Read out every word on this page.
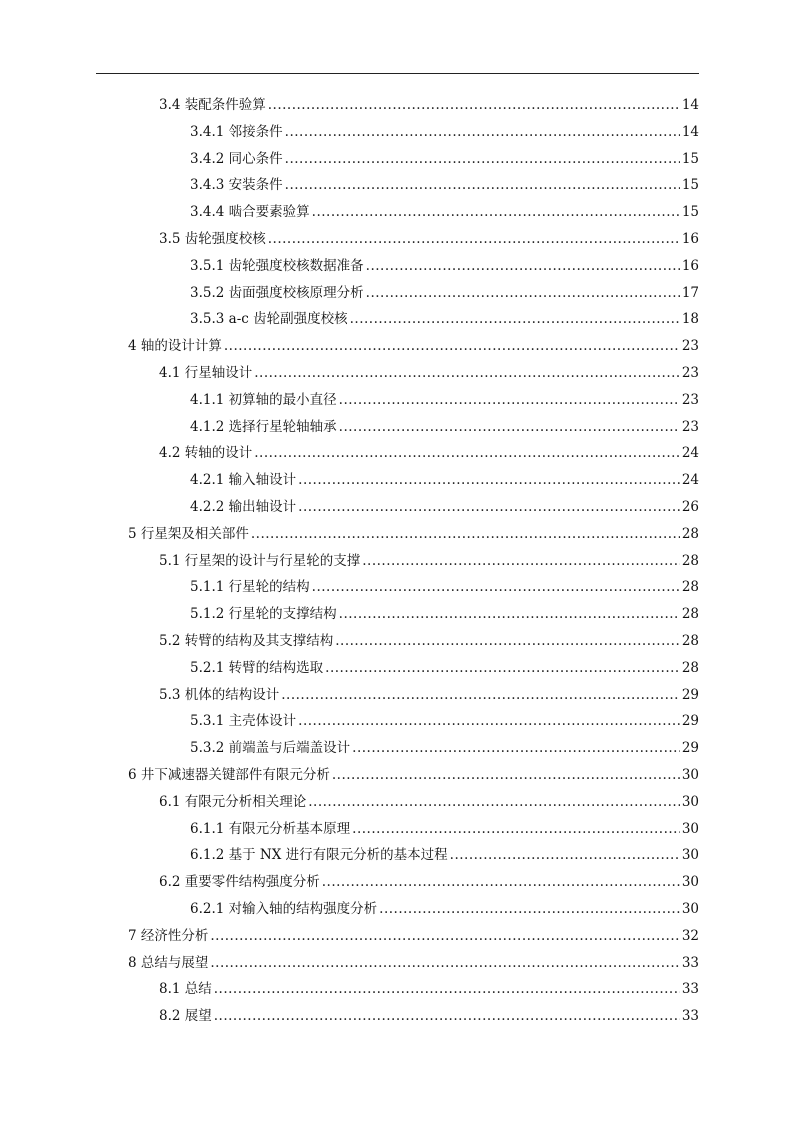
3.4 装配条件验算 .....	14
3.4.1 邻接条件 .....	14
3.4.2 同心条件 .....	15
3.4.3 安装条件 .....	15
3.4.4 啮合要素验算 .....	15
3.5 齿轮强度校核 .....	16
3.5.1 齿轮强度校核数据准备 .....	16
3.5.2 齿面强度校核原理分析 .....	17
3.5.3 a-c 齿轮副强度校核 .....	18
4 轴的设计计算 .....	23
4.1 行星轴设计 .....	23
4.1.1 初算轴的最小直径 .....	23
4.1.2 选择行星轮轴轴承 .....	23
4.2 转轴的设计 .....	24
4.2.1 输入轴设计 .....	24
4.2.2 输出轴设计 .....	26
5 行星架及相关部件 .....	28
5.1 行星架的设计与行星轮的支撑 .....	28
5.1.1 行星轮的结构 .....	28
5.1.2 行星轮的支撑结构 .....	28
5.2 转臂的结构及其支撑结构 .....	28
5.2.1 转臂的结构选取 .....	28
5.3 机体的结构设计 .....	29
5.3.1 主壳体设计 .....	29
5.3.2 前端盖与后端盖设计 .....	29
6 井下减速器关键部件有限元分析 .....	30
6.1 有限元分析相关理论 .....	30
6.1.1 有限元分析基本原理 .....	30
6.1.2 基于 NX 进行有限元分析的基本过程 .....	30
6.2 重要零件结构强度分析 .....	30
6.2.1 对输入轴的结构强度分析 .....	30
7 经济性分析 .....	32
8 总结与展望 .....	33
8.1 总结 .....	33
8.2 展望 .....	33
